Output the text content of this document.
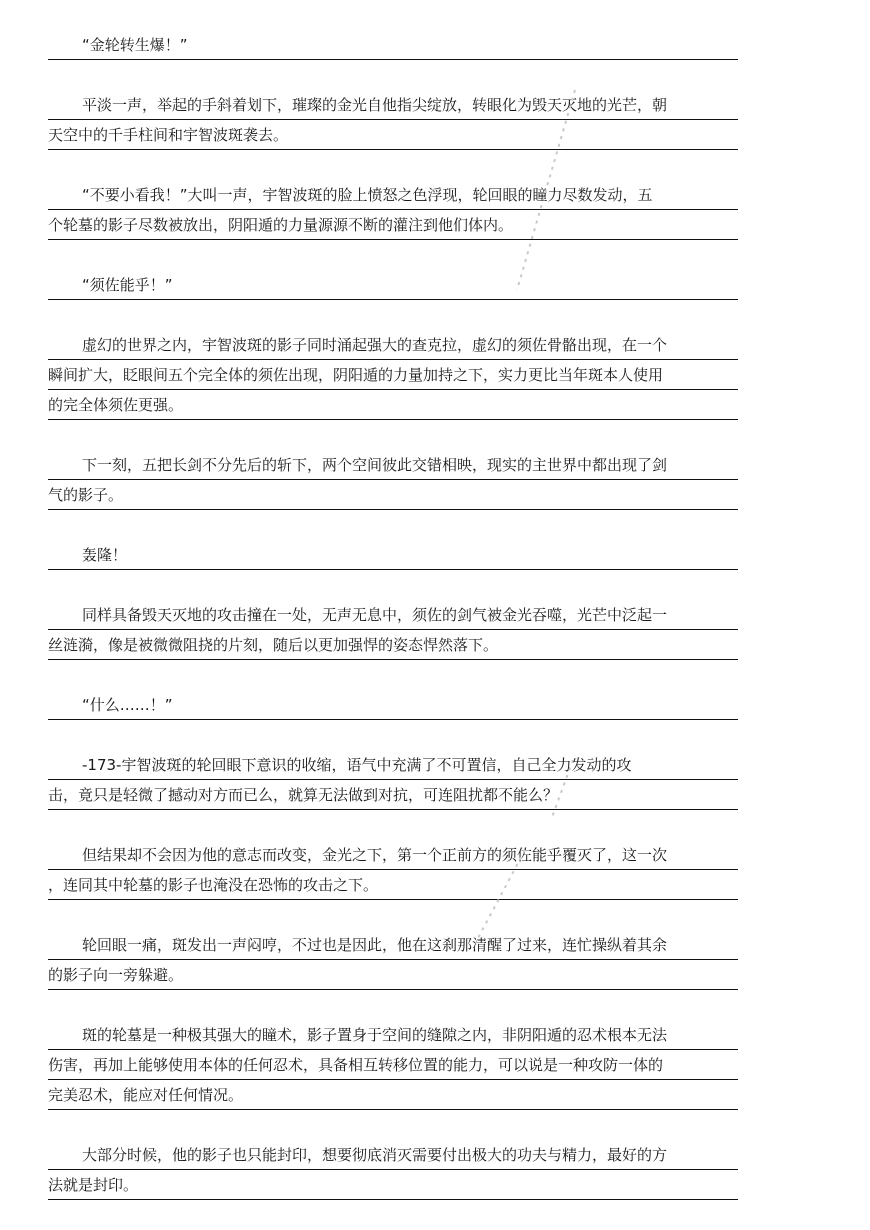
“金轮转生爆！”
平淡一声，举起的手斜着划下，璀璨的金光自他指尖绽放，转眼化为毁天灭地的光芒，朝
天空中的千手柱间和宇智波斑袭去。
“不要小看我！”大叫一声，宇智波斑的脸上愤怒之色浮现，轮回眼的瞳力尽数发动，五
个轮墓的影子尽数被放出，阴阳遁的力量源源不断的灌注到他们体内。
“须佐能乎！”
虚幻的世界之内，宇智波斑的影子同时涌起强大的查克拉，虚幻的须佐骨骼出现，在一个
瞬间扩大，眨眼间五个完全体的须佐出现，阴阳遁的力量加持之下，实力更比当年斑本人使用
的完全体须佐更强。
下一刻，五把长剑不分先后的斩下，两个空间彼此交错相映，现实的主世界中都出现了剑
气的影子。
轰隆！
同样具备毁天灭地的攻击撞在一处，无声无息中，须佐的剑气被金光吞噬，光芒中泛起一
丝涟漪，像是被微微阻挠的片刻，随后以更加强悍的姿态悍然落下。
“什么……！”
-173-宇智波斑的轮回眼下意识的收缩，语气中充满了不可置信，自己全力发动的攻
击，竟只是轻微了撼动对方而已么，就算无法做到对抗，可连阻扰都不能么？
但结果却不会因为他的意志而改变，金光之下，第一个正前方的须佐能乎覆灭了，这一次
，连同其中轮墓的影子也淹没在恐怖的攻击之下。
轮回眼一痛，斑发出一声闷哼，不过也是因此，他在这刹那清醒了过来，连忙操纵着其余
的影子向一旁躲避。
斑的轮墓是一种极其强大的瞳术，影子置身于空间的缝隙之内，非阴阳遁的忍术根本无法
伤害，再加上能够使用本体的任何忍术，具备相互转移位置的能力，可以说是一种攻防一体的
完美忍术，能应对任何情况。
大部分时候，他的影子也只能封印，想要彻底消灭需要付出极大的功夫与精力，最好的方
法就是封印。
